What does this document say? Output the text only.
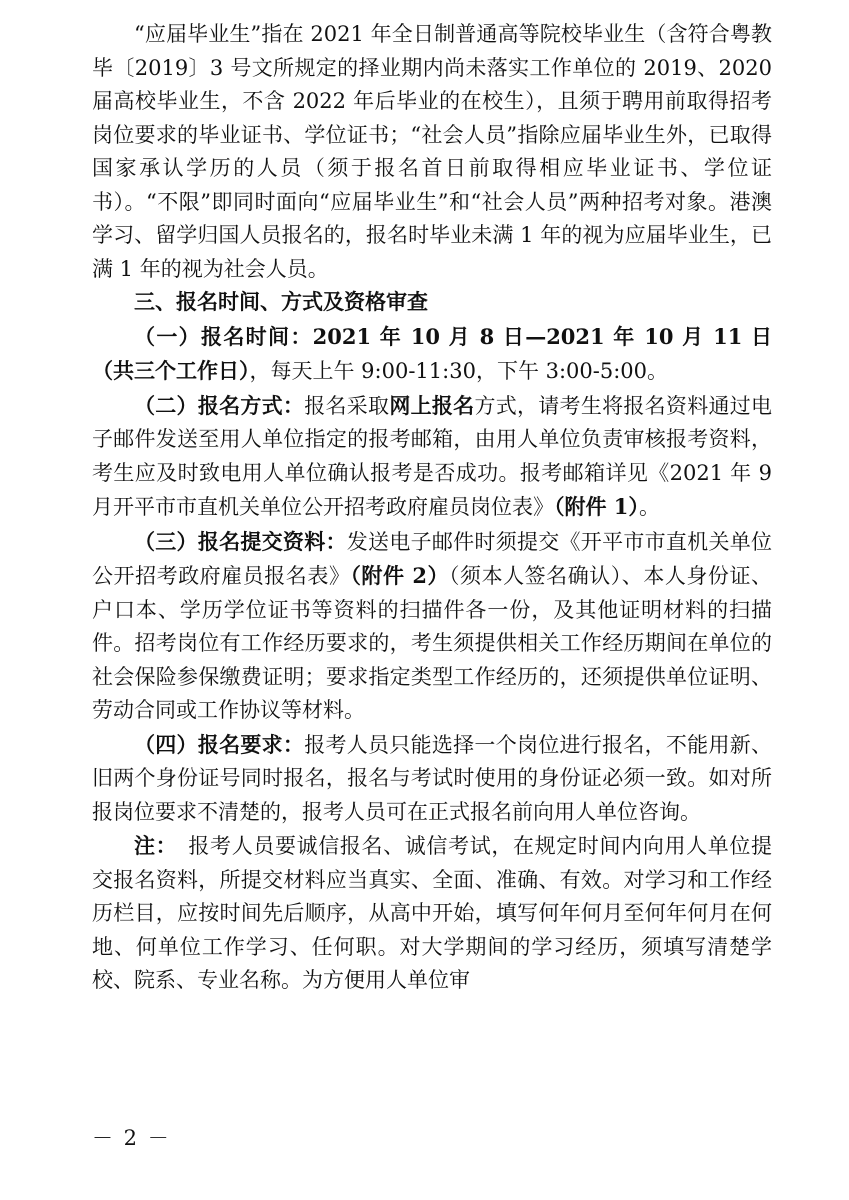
“应届毕业生”指在 2021 年全日制普通高等院校毕业生（含符合粤教毕〔2019〕3 号文所规定的择业期内尚未落实工作单位的 2019、2020 届高校毕业生，不含 2022 年后毕业的在校生），且须于聘用前取得招考岗位要求的毕业证书、学位证书；“社会人员”指除应届毕业生外，已取得国家承认学历的人员（须于报名首日前取得相应毕业证书、学位证书）。“不限”即同时面向“应届毕业生”和“社会人员”两种招考对象。港澳学习、留学归国人员报名的，报名时毕业未满 1 年的视为应届毕业生，已满 1 年的视为社会人员。

三、报名时间、方式及资格审查

（一）报名时间：2021 年 10 月 8 日—2021 年 10 月 11 日（共三个工作日），每天上午 9:00-11:30，下午 3:00-5:00。

（二）报名方式：报名采取网上报名方式，请考生将报名资料通过电子邮件发送至用人单位指定的报考邮箱，由用人单位负责审核报考资料，考生应及时致电用人单位确认报考是否成功。报考邮箱详见《2021 年 9 月开平市市直机关单位公开招考政府雇员岗位表》（附件 1）。

（三）报名提交资料：发送电子邮件时须提交《开平市市直机关单位公开招考政府雇员报名表》（附件 2）（须本人签名确认）、本人身份证、户口本、学历学位证书等资料的扫描件各一份，及其他证明材料的扫描件。招考岗位有工作经历要求的，考生须提供相关工作经历期间在单位的社会保险参保缴费证明；要求指定类型工作经历的，还须提供单位证明、劳动合同或工作协议等材料。

（四）报名要求：报考人员只能选择一个岗位进行报名，不能用新、旧两个身份证号同时报名，报名与考试时使用的身份证必须一致。如对所报岗位要求不清楚的，报考人员可在正式报名前向用人单位咨询。

注：　报考人员要诚信报名、诚信考试，在规定时间内向用人单位提交报名资料，所提交材料应当真实、全面、准确、有效。对学习和工作经历栏目，应按时间先后顺序，从高中开始，填写何年何月至何年何月在何地、何单位工作学习、任何职。对大学期间的学习经历，须填写清楚学校、院系、专业名称。为方便用人单位审

－ 2 －
